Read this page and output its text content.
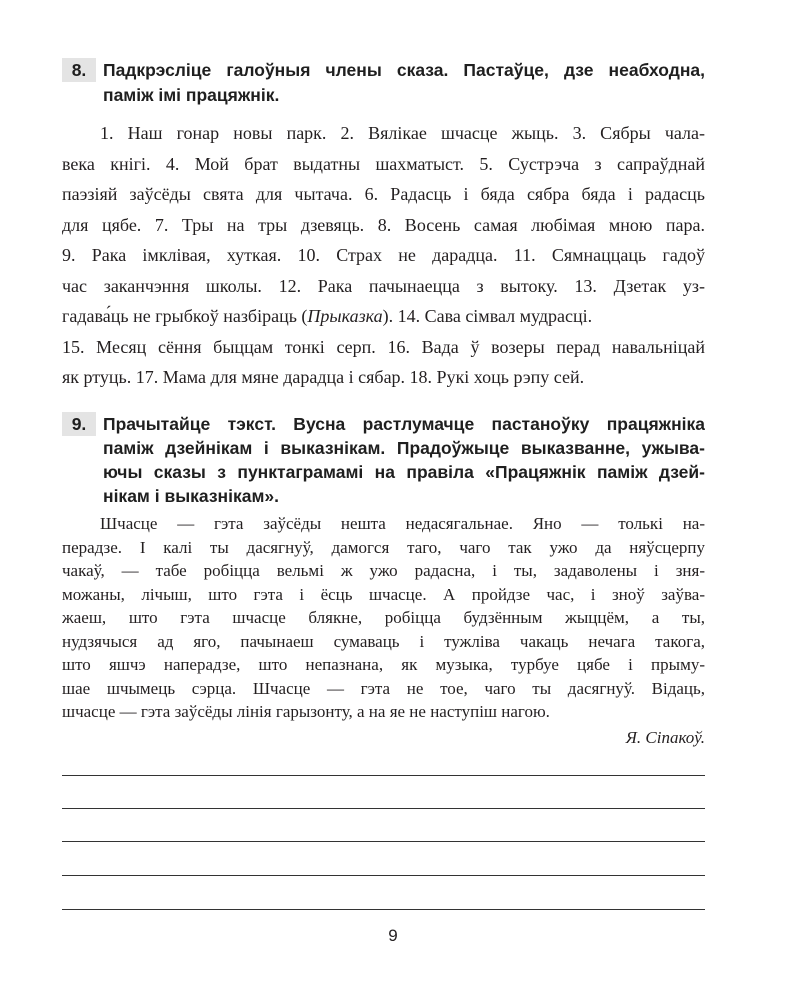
8. Падкрэсліце галоўныя члены сказа. Пастаўце, дзе неабходна,
паміж імі працяжнік.
1. Наш гонар новы парк. 2. Вялікае шчасце жыць. 3. Сябры чала-
века кнігі. 4. Мой брат выдатны шахматыст. 5. Сустрэча з сапраўднай
паэзіяй заўсёды свята для чытача. 6. Радасць і бяда сябра бяда і радасць
для цябе. 7. Тры на тры дзевяць. 8. Восень самая любімая мною пара.
9. Рака імклівая, хуткая. 10. Страх не дарадца. 11. Сямнаццаць гадоў
час заканчэння школы. 12. Рака пачынаецца з вытоку. 13. Дзетак уз-
гадава́ць не грыбкоў назбіраць (Прыказка). 14. Сава сімвал мудрасці.
15. Месяц сёння быццам тонкі серп. 16. Вада ў возеры перад навальніцай
як ртуць. 17. Мама для мяне дарадца і сябар. 18. Рукі хоць рэпу сей.
9. Прачытайце тэкст. Вусна растлумачце пастаноўку працяжніка
паміж дзейнікам і выказнікам. Прадоўжыце выказванне, ужыва-
ючы сказы з пунктаграмамі на правіла «Працяжнік паміж дзей-
нікам і выказнікам».
Шчасце — гэта заўсёды нешта недасягальнае. Яно — толькі на-
перадзе. І калі ты дасягнуў, дамогся таго, чаго так ужо да няўсцерпу
чакаў, — табе робіцца вельмі ж ужо радасна, і ты, задаволены і зня-
можаны, лічыш, што гэта і ёсць шчасце. А пройдзе час, і зноў заўва-
жаеш, што гэта шчасце блякне, робіцца будзённым жыццём, а ты,
нудзячыся ад яго, пачынаеш сумаваць і тужліва чакаць нечага такога,
што яшчэ наперадзе, што непазнана, як музыка, турбуе цябе і прыму-
шае шчымець сэрца. Шчасце — гэта не тое, чаго ты дасягнуў. Відаць,
шчасце — гэта заўсёды лінія гарызонту, а на яе не наступіш нагою.
Я. Сіпакоў.
9
